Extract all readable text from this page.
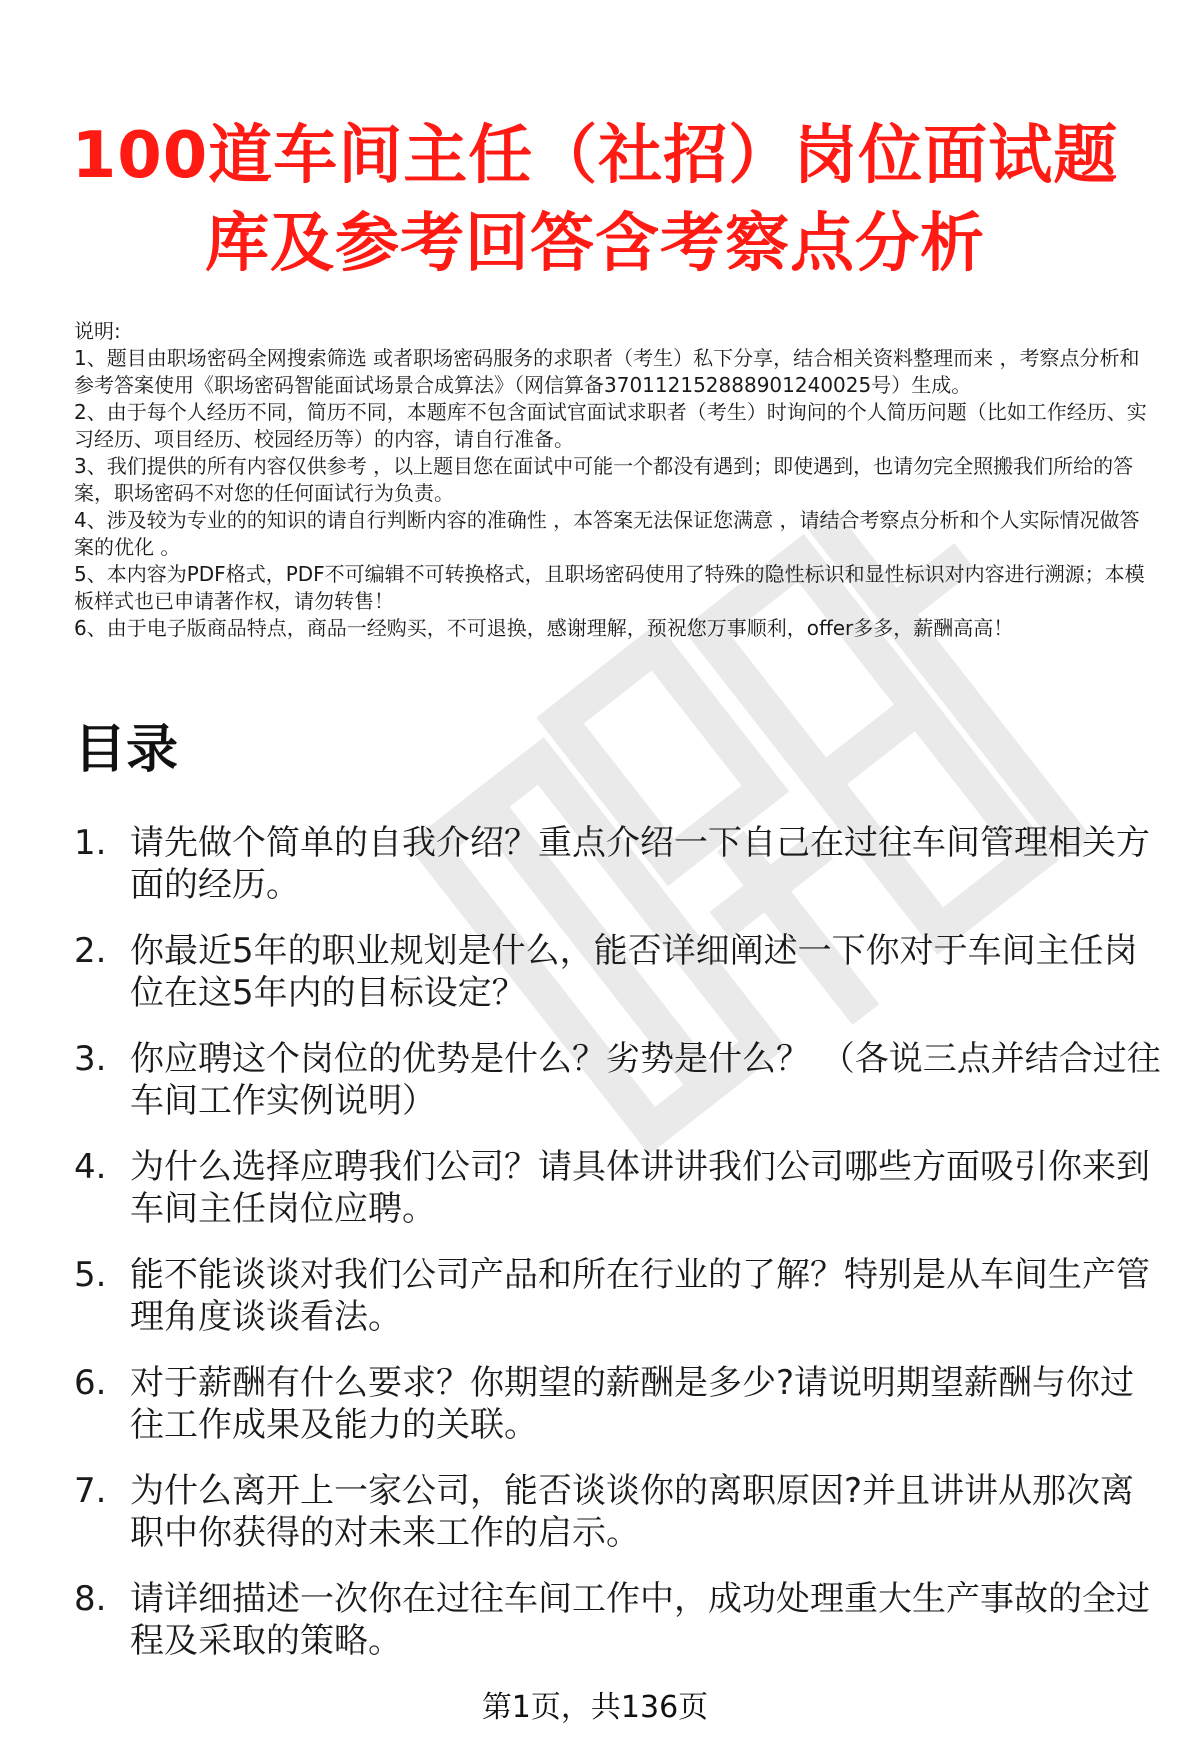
100道车间主任（社招）岗位面试题库及参考回答含考察点分析
说明:
1、题目由职场密码全网搜索筛选 或者职场密码服务的求职者（考生）私下分享，结合相关资料整理而来 ，考察点分析和参考答案使用《职场密码智能面试场景合成算法》（网信算备370112152888901240025号）生成。
2、由于每个人经历不同，简历不同，本题库不包含面试官面试求职者（考生）时询问的个人简历问题（比如工作经历、实习经历、项目经历、校园经历等）的内容，请自行准备。
3、我们提供的所有内容仅供参考 ，以上题目您在面试中可能一个都没有遇到；即使遇到，也请勿完全照搬我们所给的答案，职场密码不对您的任何面试行为负责。
4、涉及较为专业的的知识的请自行判断内容的准确性 ，本答案无法保证您满意 ，请结合考察点分析和个人实际情况做答案的优化 。
5、本内容为PDF格式，PDF不可编辑不可转换格式，且职场密码使用了特殊的隐性标识和显性标识对内容进行溯源；本模板样式也已申请著作权，请勿转售！
6、由于电子版商品特点，商品一经购买，不可退换，感谢理解，预祝您万事顺利，offer多多，薪酬高高！
目录
1. 请先做个简单的自我介绍？重点介绍一下自己在过往车间管理相关方面的经历。
2. 你最近5年的职业规划是什么，能否详细阐述一下你对于车间主任岗位在这5年内的目标设定？
3. 你应聘这个岗位的优势是什么？劣势是什么？ （各说三点并结合过往车间工作实例说明）
4. 为什么选择应聘我们公司？请具体讲讲我们公司哪些方面吸引你来到车间主任岗位应聘。
5. 能不能谈谈对我们公司产品和所在行业的了解？特别是从车间生产管理角度谈谈看法。
6. 对于薪酬有什么要求？你期望的薪酬是多少?请说明期望薪酬与你过往工作成果及能力的关联。
7. 为什么离开上一家公司，能否谈谈你的离职原因?并且讲讲从那次离职中你获得的对未来工作的启示。
8. 请详细描述一次你在过往车间工作中，成功处理重大生产事故的全过程及采取的策略。
第1页，共136页
